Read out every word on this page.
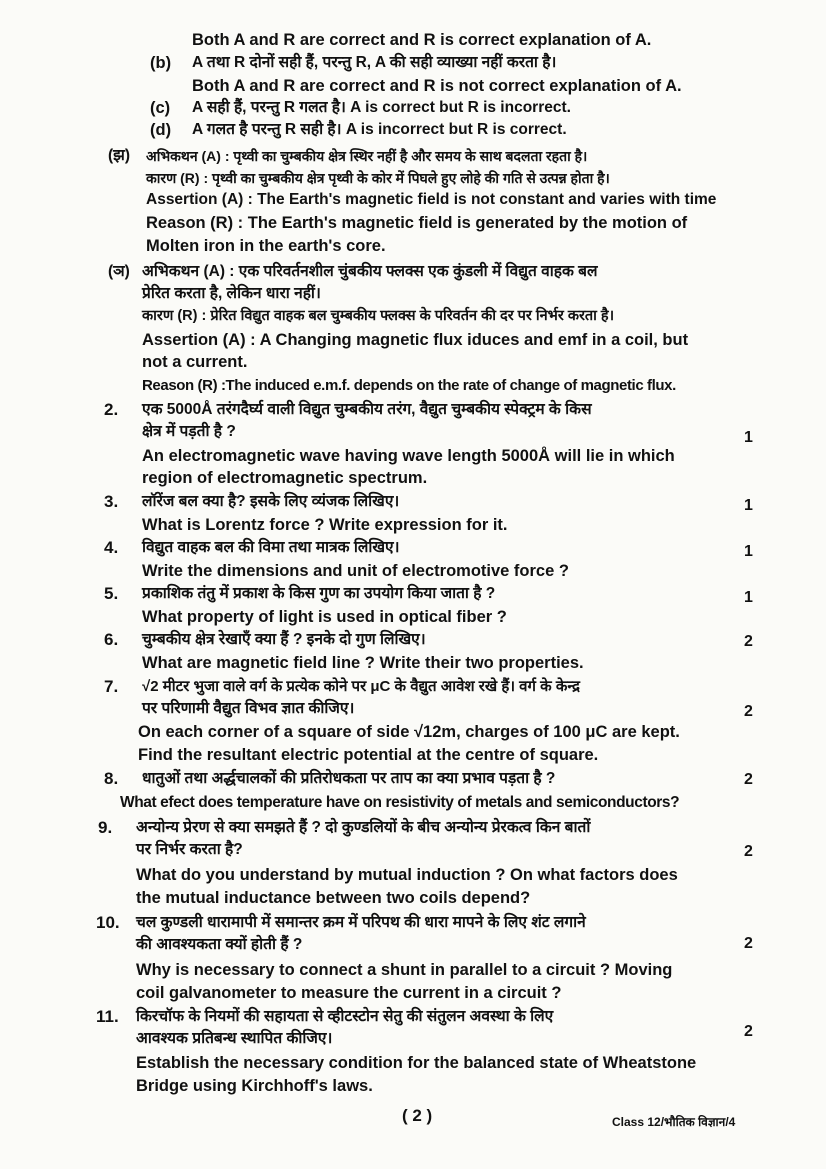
Both A and R are correct and R is correct explanation of A.
(b) A तथा R दोनों सही हैं, परन्तु R, A की सही व्याख्या नहीं करता है।
Both A and R are correct and R is not correct explanation of A.
(c) A सही हैं, परन्तु R गलत है। A is correct but R is incorrect.
(d) A गलत है परन्तु R सही है। A is incorrect but R is correct.
(झ) अभिकथन (A) : पृथ्वी का चुम्बकीय क्षेत्र स्थिर नहीं है और समय के साथ बदलता रहता है।
कारण (R) : पृथ्वी का चुम्बकीय क्षेत्र पृथ्वी के कोर में पिघले हुए लोहे की गति से उत्पन्न होता है।
Assertion (A) : The Earth's magnetic field is not constant and varies with time
Reason (R) : The Earth's magnetic field is generated by the motion of
Molten iron in the earth's core.
(ञ) अभिकथन (A) : एक परिवर्तनशील चुंबकीय फ्लक्स एक कुंडली में विद्युत वाहक बल
प्रेरित करता है, लेकिन धारा नहीं।
कारण (R) : प्रेरित विद्युत वाहक बल चुम्बकीय फ्लक्स के परिवर्तन की दर पर निर्भर करता है।
Assertion (A) : A Changing magnetic flux iduces and emf in a coil, but
not a current.
Reason (R) :The induced e.m.f. depends on the rate of change of magnetic flux.
2. एक 5000Å तरंगदैर्घ्य वाली विद्युत चुम्बकीय तरंग, वैद्युत चुम्बकीय स्पेक्ट्रम के किस
क्षेत्र में पड़ती है ?	1
An electromagnetic wave having wave length 5000Å will lie in which
region of electromagnetic spectrum.
3. लॉरेंज बल क्या है? इसके लिए व्यंजक लिखिए।	1
What is Lorentz force ? Write expression for it.
4. विद्युत वाहक बल की विमा तथा मात्रक लिखिए।	1
Write the dimensions and unit of electromotive force ?
5. प्रकाशिक तंतु में प्रकाश के किस गुण का उपयोग किया जाता है ?	1
What property of light is used in optical fiber ?
6. चुम्बकीय क्षेत्र रेखाएँ क्या हैं ? इनके दो गुण लिखिए।	2
What are magnetic field line ? Write their two properties.
7. √2 मीटर भुजा वाले वर्ग के प्रत्येक कोने पर μC के वैद्युत आवेश रखे हैं। वर्ग के केन्द्र
पर परिणामी वैद्युत विभव ज्ञात कीजिए।	2
On each corner of a square of side √12m, charges of 100 μC are kept.
Find the resultant electric potential at the centre of square.
8. धातुओं तथा अर्द्धचालकों की प्रतिरोधकता पर ताप का क्या प्रभाव पड़ता है ?	2
What efect does temperature have on resistivity of metals and semiconductors?
9. अन्योन्य प्रेरण से क्या समझते हैं ? दो कुण्डलियों के बीच अन्योन्य प्रेरकत्व किन बातों
पर निर्भर करता है?	2
What do you understand by mutual induction ? On what factors does
the mutual inductance between two coils depend?
10. चल कुण्डली धारामापी में समान्तर क्रम में परिपथ की धारा मापने के लिए शंट लगाने
की आवश्यकता क्यों होती हैं ?	2
Why is necessary to connect a shunt in parallel to a circuit ? Moving
coil galvanometer to measure the current in a circuit ?
11. किरचॉफ के नियमों की सहायता से व्हीटस्टोन सेतु की संतुलन अवस्था के लिए
आवश्यक प्रतिबन्ध स्थापित कीजिए।	2
Establish the necessary condition for the balanced state of Wheatstone
Bridge using Kirchhoff's laws.
( 2 )	Class 12/भौतिक विज्ञान/4
